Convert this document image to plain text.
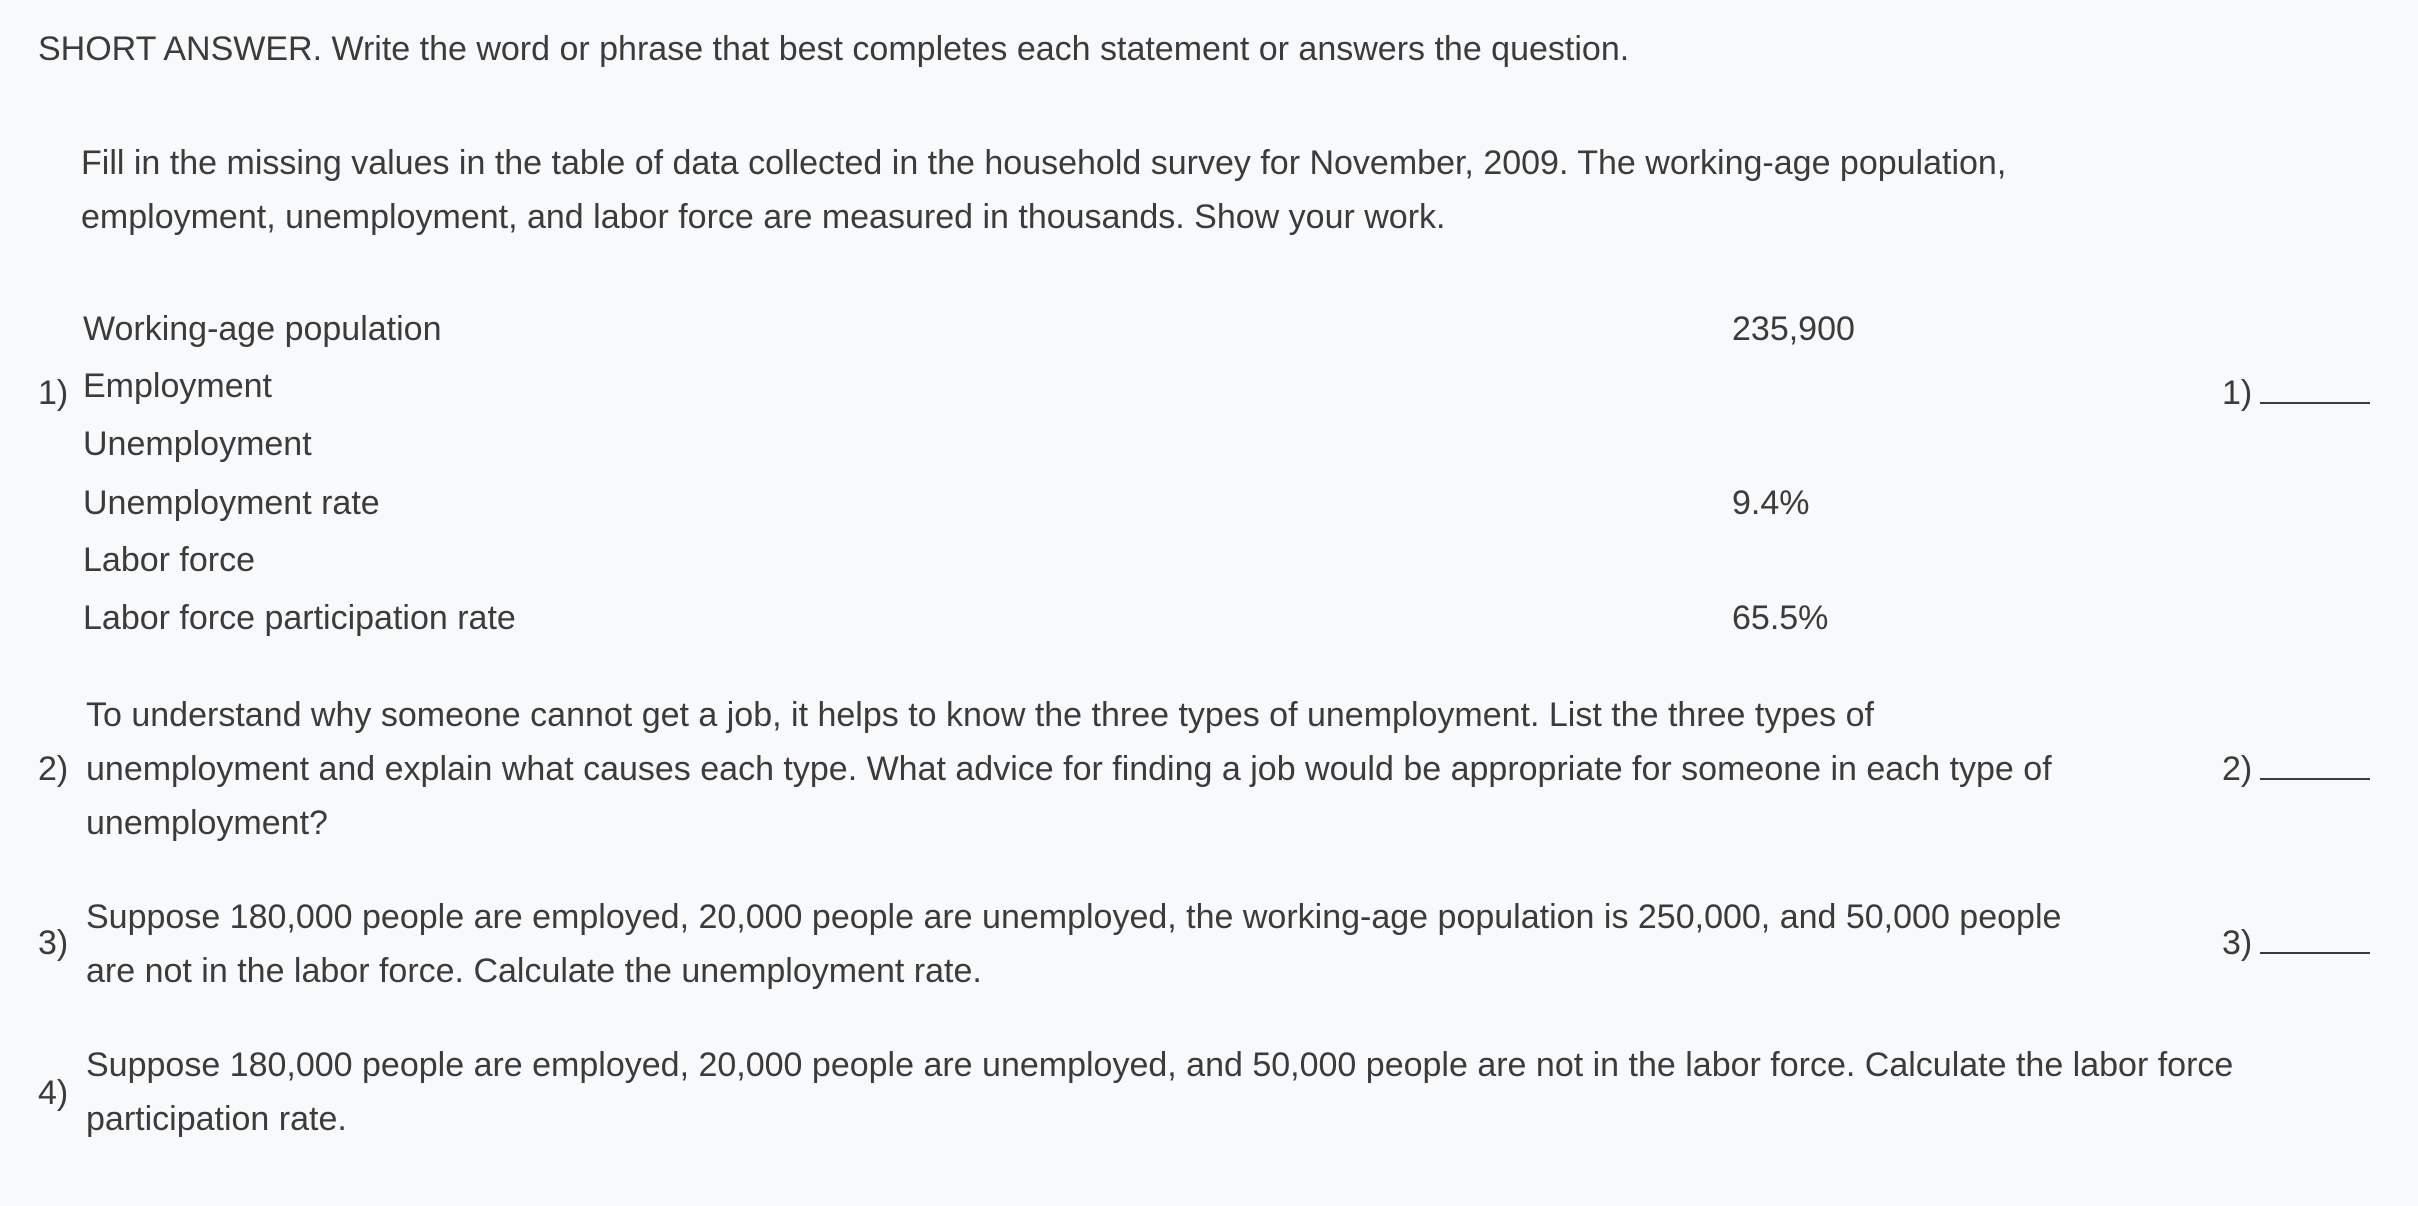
SHORT ANSWER. Write the word or phrase that best completes each statement or answers the question.
Fill in the missing values in the table of data collected in the household survey for November, 2009. The working-age population,
employment, unemployment, and labor force are measured in thousands. Show your work.
Working-age population	235,900
Employment
Unemployment
Unemployment rate	9.4%
Labor force
Labor force participation rate	65.5%
1)	1)
2)
To understand why someone cannot get a job, it helps to know the three types of unemployment. List the three types of
unemployment and explain what causes each type. What advice for finding a job would be appropriate for someone in each type of
unemployment?
2)
3)
Suppose 180,000 people are employed, 20,000 people are unemployed, the working-age population is 250,000, and 50,000 people
are not in the labor force. Calculate the unemployment rate.
3)
4)
Suppose 180,000 people are employed, 20,000 people are unemployed, and 50,000 people are not in the labor force. Calculate the labor force
participation rate.
